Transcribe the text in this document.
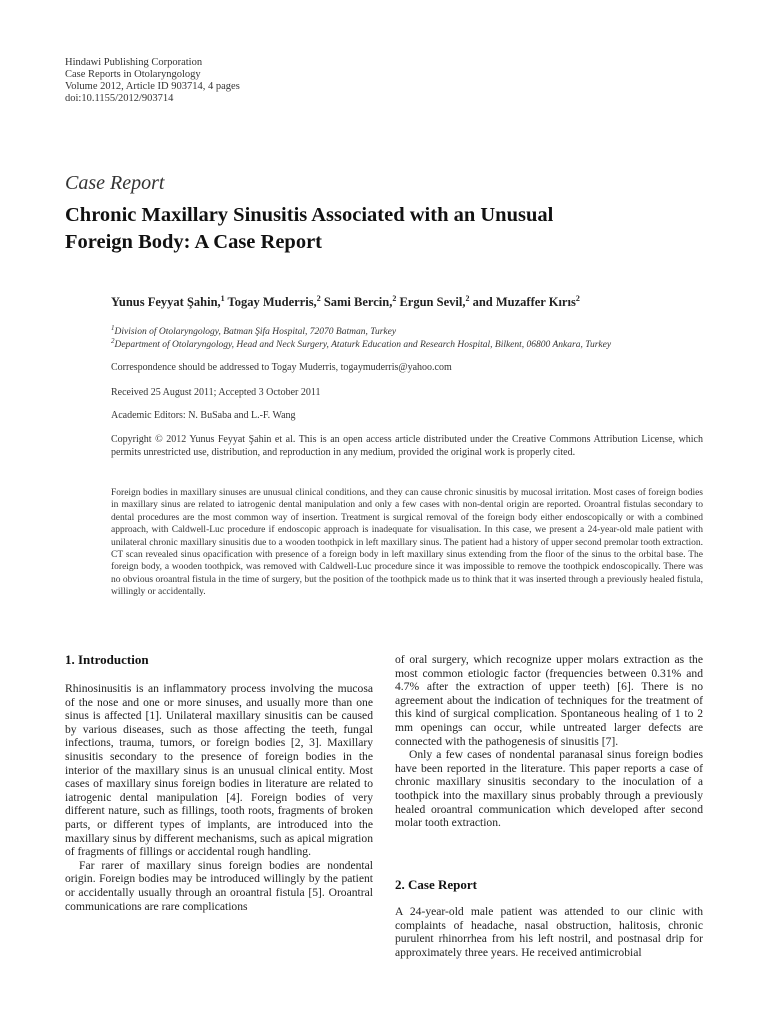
Hindawi Publishing Corporation
Case Reports in Otolaryngology
Volume 2012, Article ID 903714, 4 pages
doi:10.1155/2012/903714
Case Report
Chronic Maxillary Sinusitis Associated with an Unusual Foreign Body: A Case Report
Yunus Feyyat Şahin,$^1$ Togay Muderris,$^2$ Sami Bercin,$^2$ Ergun Sevil,$^2$ and Muzaffer Kırıs$^2$
$^1$Division of Otolaryngology, Batman Şifa Hospital, 72070 Batman, Turkey
$^2$Department of Otolaryngology, Head and Neck Surgery, Ataturk Education and Research Hospital, Bilkent, 06800 Ankara, Turkey
Correspondence should be addressed to Togay Muderris, togaymuderris@yahoo.com
Received 25 August 2011; Accepted 3 October 2011
Academic Editors: N. BuSaba and L.-F. Wang
Copyright © 2012 Yunus Feyyat Şahin et al. This is an open access article distributed under the Creative Commons Attribution License, which permits unrestricted use, distribution, and reproduction in any medium, provided the original work is properly cited.
Foreign bodies in maxillary sinuses are unusual clinical conditions, and they can cause chronic sinusitis by mucosal irritation. Most cases of foreign bodies in maxillary sinus are related to iatrogenic dental manipulation and only a few cases with non-dental origin are reported. Oroantral fistulas secondary to dental procedures are the most common way of insertion. Treatment is surgical removal of the foreign body either endoscopically or with a combined approach, with Caldwell-Luc procedure if endoscopic approach is inadequate for visualisation. In this case, we present a 24-year-old male patient with unilateral chronic maxillary sinusitis due to a wooden toothpick in left maxillary sinus. The patient had a history of upper second premolar tooth extraction. CT scan revealed sinus opacification with presence of a foreign body in left maxillary sinus extending from the floor of the sinus to the orbital base. The foreign body, a wooden toothpick, was removed with Caldwell-Luc procedure since it was impossible to remove the toothpick endoscopically. There was no obvious oroantral fistula in the time of surgery, but the position of the toothpick made us to think that it was inserted through a previously healed fistula, willingly or accidentally.
1. Introduction

Rhinosinusitis is an inflammatory process involving the mucosa of the nose and one or more sinuses, and usually more than one sinus is affected [1]. Unilateral maxillary sinusitis can be caused by various diseases, such as those affecting the teeth, fungal infections, trauma, tumors, or foreign bodies [2, 3]. Maxillary sinusitis secondary to the presence of foreign bodies in the interior of the maxillary sinus is an unusual clinical entity. Most cases of maxillary sinus foreign bodies in literature are related to iatrogenic dental manipulation [4]. Foreign bodies of very different nature, such as fillings, tooth roots, fragments of broken parts, or different types of implants, are introduced into the maxillary sinus by different mechanisms, such as apical migration of fragments of fillings or accidental rough handling.

Far rarer of maxillary sinus foreign bodies are nondental origin. Foreign bodies may be introduced willingly by the patient or accidentally usually through an oroantral fistula [5]. Oroantral communications are rare complications

of oral surgery, which recognize upper molars extraction as the most common etiologic factor (frequencies between 0.31% and 4.7% after the extraction of upper teeth) [6]. There is no agreement about the indication of techniques for the treatment of this kind of surgical complication. Spontaneous healing of 1 to 2 mm openings can occur, while untreated larger defects are connected with the pathogenesis of sinusitis [7].

Only a few cases of nondental paranasal sinus foreign bodies have been reported in the literature. This paper reports a case of chronic maxillary sinusitis secondary to the inoculation of a toothpick into the maxillary sinus probably through a previously healed oroantral communication which developed after second molar tooth extraction.

2. Case Report

A 24-year-old male patient was attended to our clinic with complaints of headache, nasal obstruction, halitosis, chronic purulent rhinorrhea from his left nostril, and postnasal drip for approximately three years. He received antimicrobial
